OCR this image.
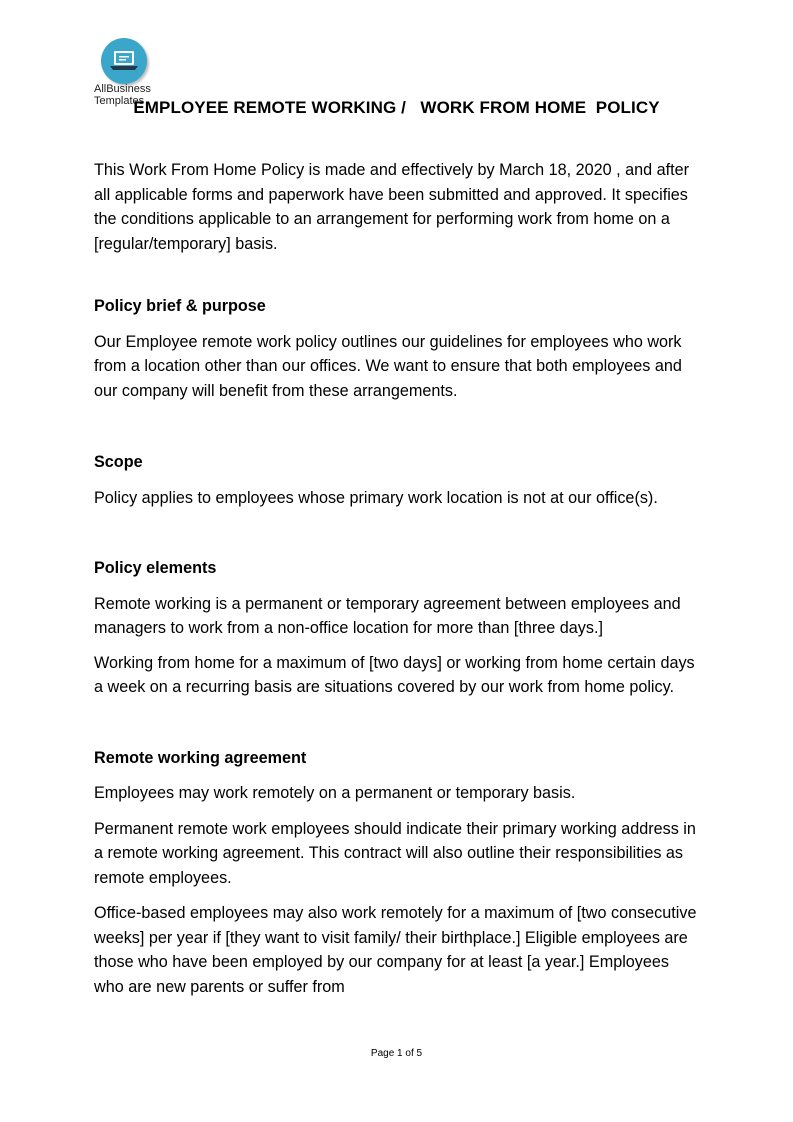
AllBusiness Templates
EMPLOYEE REMOTE WORKING /   WORK FROM HOME  POLICY

This Work From Home Policy is made and effectively by March 18, 2020 , and after all applicable forms and paperwork have been submitted and approved. It specifies the conditions applicable to an arrangement for performing work from home on a [regular/temporary] basis.

Policy brief & purpose

Our Employee remote work policy outlines our guidelines for employees who work from a location other than our offices. We want to ensure that both employees and our company will benefit from these arrangements.

Scope

Policy applies to employees whose primary work location is not at our office(s).

Policy elements

Remote working is a permanent or temporary agreement between employees and managers to work from a non-office location for more than [three days.]

Working from home for a maximum of [two days] or working from home certain days a week on a recurring basis are situations covered by our work from home policy.

Remote working agreement

Employees may work remotely on a permanent or temporary basis.

Permanent remote work employees should indicate their primary working address in a remote working agreement. This contract will also outline their responsibilities as remote employees.

Office-based employees may also work remotely for a maximum of [two consecutive weeks] per year if [they want to visit family/ their birthplace.] Eligible employees are those who have been employed by our company for at least [a year.] Employees who are new parents or suffer from

Page 1 of 5
